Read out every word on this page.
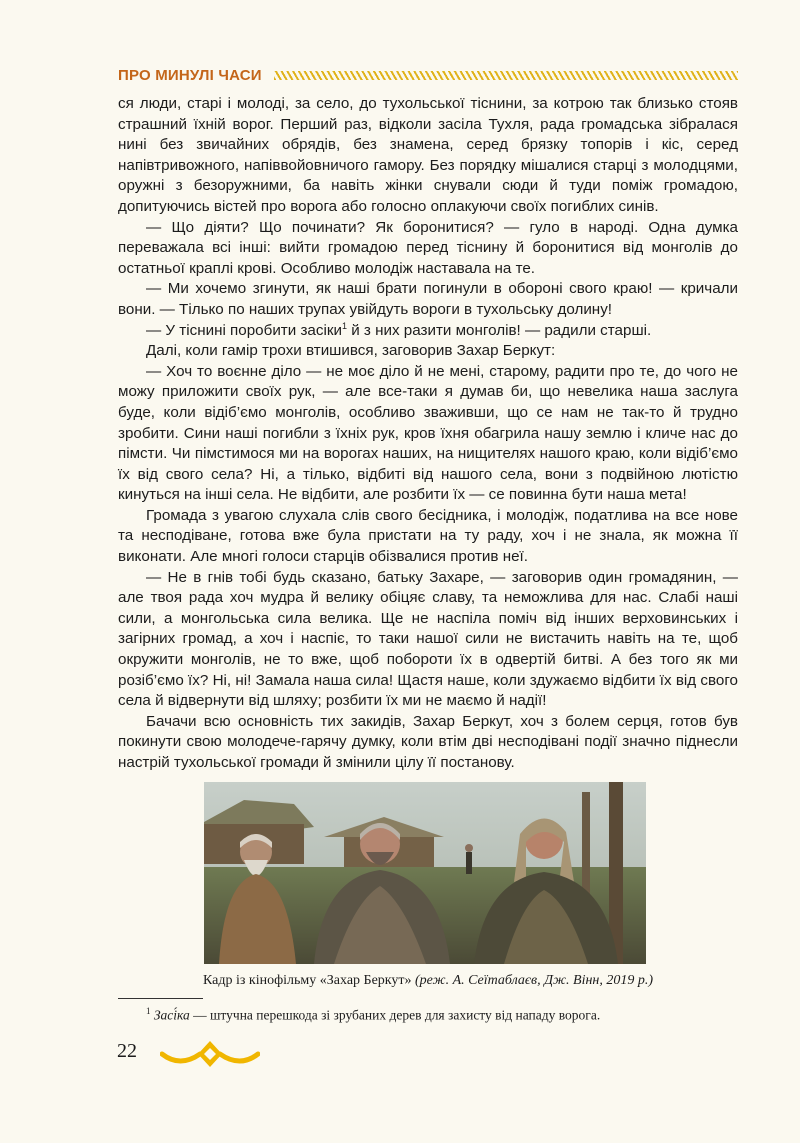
ПРО МИНУЛІ ЧАСИ

ся люди, старі і молоді, за село, до тухольської тіснини, за котрою так близько стояв страшний їхній ворог. Перший раз, відколи засіла Тухля, рада громадська зібралася нині без звичайних обрядів, без знамена, серед брязку топорів і кіс, серед напівтривожного, напіввойовничого гамору. Без порядку мішалися старці з молодцями, оружні з безоружними, ба навіть жінки снували сюди й туди поміж громадою, допитуючись вістей про ворога або голосно оплакуючи своїх погиблих синів.

— Що діяти? Що починати? Як боронитися? — гуло в народі. Одна думка переважала всі інші: вийти громадою перед тіснину й боронитися від монголів до остатньої краплі крові. Особливо молодіж наставала на те.

— Ми хочемо згинути, як наші брати погинули в обороні свого краю! — кричали вони. — Тілько по наших трупах увійдуть вороги в тухольську долину!

— У тіснині поробити засіки$^1$ й з них разити монголів! — радили старші.

Далі, коли гамір трохи втишився, заговорив Захар Беркут:

— Хоч то воєнне діло — не моє діло й не мені, старому, радити про те, до чого не можу приложити своїх рук, — але все-таки я думав би, що невелика наша заслуга буде, коли відіб’ємо монголів, особливо зваживши, що се нам не так-то й трудно зробити. Сини наші погибли з їхніх рук, кров їхня обагрила нашу землю і кличе нас до пімсти. Чи пімстимося ми на ворогах наших, на нищителях нашого краю, коли відіб’ємо їх від свого села? Ні, а тілько, відбиті від нашого села, вони з подвійною лютістю кинуться на інші села. Не відбити, але розбити їх — се повинна бути наша мета!

Громада з увагою слухала слів свого бесідника, і молодіж, податлива на все нове та несподіване, готова вже була пристати на ту раду, хоч і не знала, як можна її виконати. Але многі голоси старців обізвалися против неї.

— Не в гнів тобі будь сказано, батьку Захаре, — заговорив один громадянин, — але твоя рада хоч мудра й велику обіцяє славу, та неможлива для нас. Слабі наші сили, а монгольська сила велика. Ще не наспіла поміч від інших верховинських і загірних громад, а хоч і наспіє, то таки нашої сили не вистачить навіть на те, щоб окружити монголів, не то вже, щоб побороти їх в одвертій битві. А без того як ми розіб’ємо їх? Ні, ні! Замала наша сила! Щастя наше, коли здужаємо відбити їх від свого села й відвернути від шляху; розбити їх ми не маємо й надії!

Бачачи всю основність тих закидів, Захар Беркут, хоч з болем серця, готов був покинути свою молодече-гарячу думку, коли втім дві несподівані події значно піднесли настрій тухольської громади й змінили цілу її постанову.

Кадр із кінофільму «Захар Беркут» (реж. А. Сеїтаблаєв, Дж. Вінн, 2019 р.)
$^1$ Засі́ка — штучна перешкода зі зрубаних дерев для захисту від нападу ворога.
22
